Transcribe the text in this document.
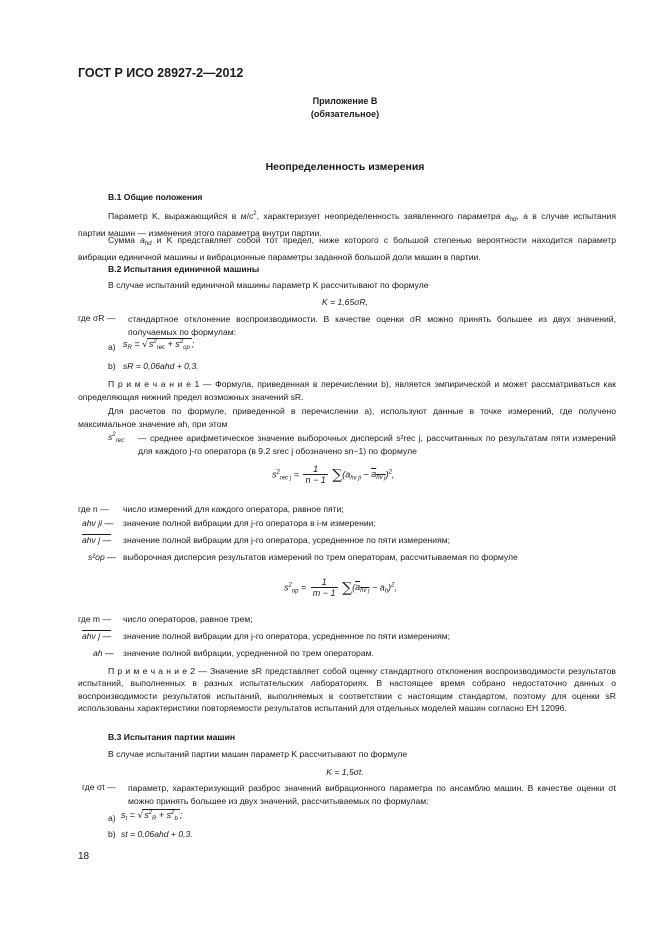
ГОСТ Р ИСО 28927-2—2012
Приложение В
(обязательное)
Неопределенность измерения
В.1 Общие положения
Параметр K, выражающийся в $м/с^2$, характеризует неопределенность заявленного параметра $a_{hd}$, а в случае испытания партии машин — изменения этого параметра внутри партии.
Сумма $a_{hd}$ и K представляет собой тот предел, ниже которого с большой степенью вероятности находится параметр вибрации единичной машины и вибрационные параметры заданной большой доли машин в партии.
В.2 Испытания единичной машины
В случае испытаний единичной машины параметр K рассчитывают по формуле
K = 1,65σR,
где σR — стандартное отклонение воспроизводимости. В качестве оценки σR можно принять большее из двух значений, получаемых по формулам:
a) $s_R = √s^2_{rec} + s^2_{op}$ ;
b) sR = 0,06ahd + 0,3.
П р и м е ч а н и е 1 — Формула, приведенная в перечислении b), является эмпирической и может рассматриваться как определяющая нижний предел возможных значений sR.
Для расчетов по формуле, приведенной в перечислении а), используют данные в точке измерений, где получено максимальное значение ah, при этом
$s^2_{rec}$ — среднее арифметическое значение выборочных дисперсий s²rec j, рассчитанных по результатам пяти измерений для каждого j-го оператора (в 9.2 srec j обозначено sn−1) по формуле
$s^2_{rec j} = \frac{1}{n - 1} \sum(a_{hv ji} - a_{hv j})^2$,
где n — число измерений для каждого оператора, равное пяти;
ahv ji — значение полной вибрации для j-го оператора в i-м измерении;
ahv j — значение полной вибрации для j-го оператора, усредненное по пяти измерениям;
s²op — выборочная дисперсия результатов измерений по трем операторам, рассчитываемая по формуле
$s^2_{op} = \frac{1}{m - 1} \sum(a_{hv j} - a_h)^2$,
где m — число операторов, равное трем;
ahv j — значение полной вибрации для j-го оператора, усредненное по пяти измерениям;
ah — значение полной вибрации, усредненной по трем операторам.
П р и м е ч а н и е 2 — Значение sR представляет собой оценку стандартного отклонения воспроизводимости результатов испытаний, выполненных в разных испытательских лабораториях. В настоящее время собрано недостаточно данных о воспроизводимости результатов испытаний, выполняемых в соответствии с настоящим стандартом, поэтому для оценки sR использованы характеристики повторяемости результатов испытаний для отдельных моделей машин согласно ЕН 12096.
В.3 Испытания партии машин
В случае испытаний партии машин параметр K рассчитывают по формуле
K = 1,5σt.
где σt — параметр, характеризующий разброс значений вибрационного параметра по ансамблю машин. В качестве оценки σt можно принять большее из двух значений, рассчитываемых по формулам:
a) $s_t = √s^2_R + s^2_b$ ;
b) st = 0,06ahd + 0,3.
18
